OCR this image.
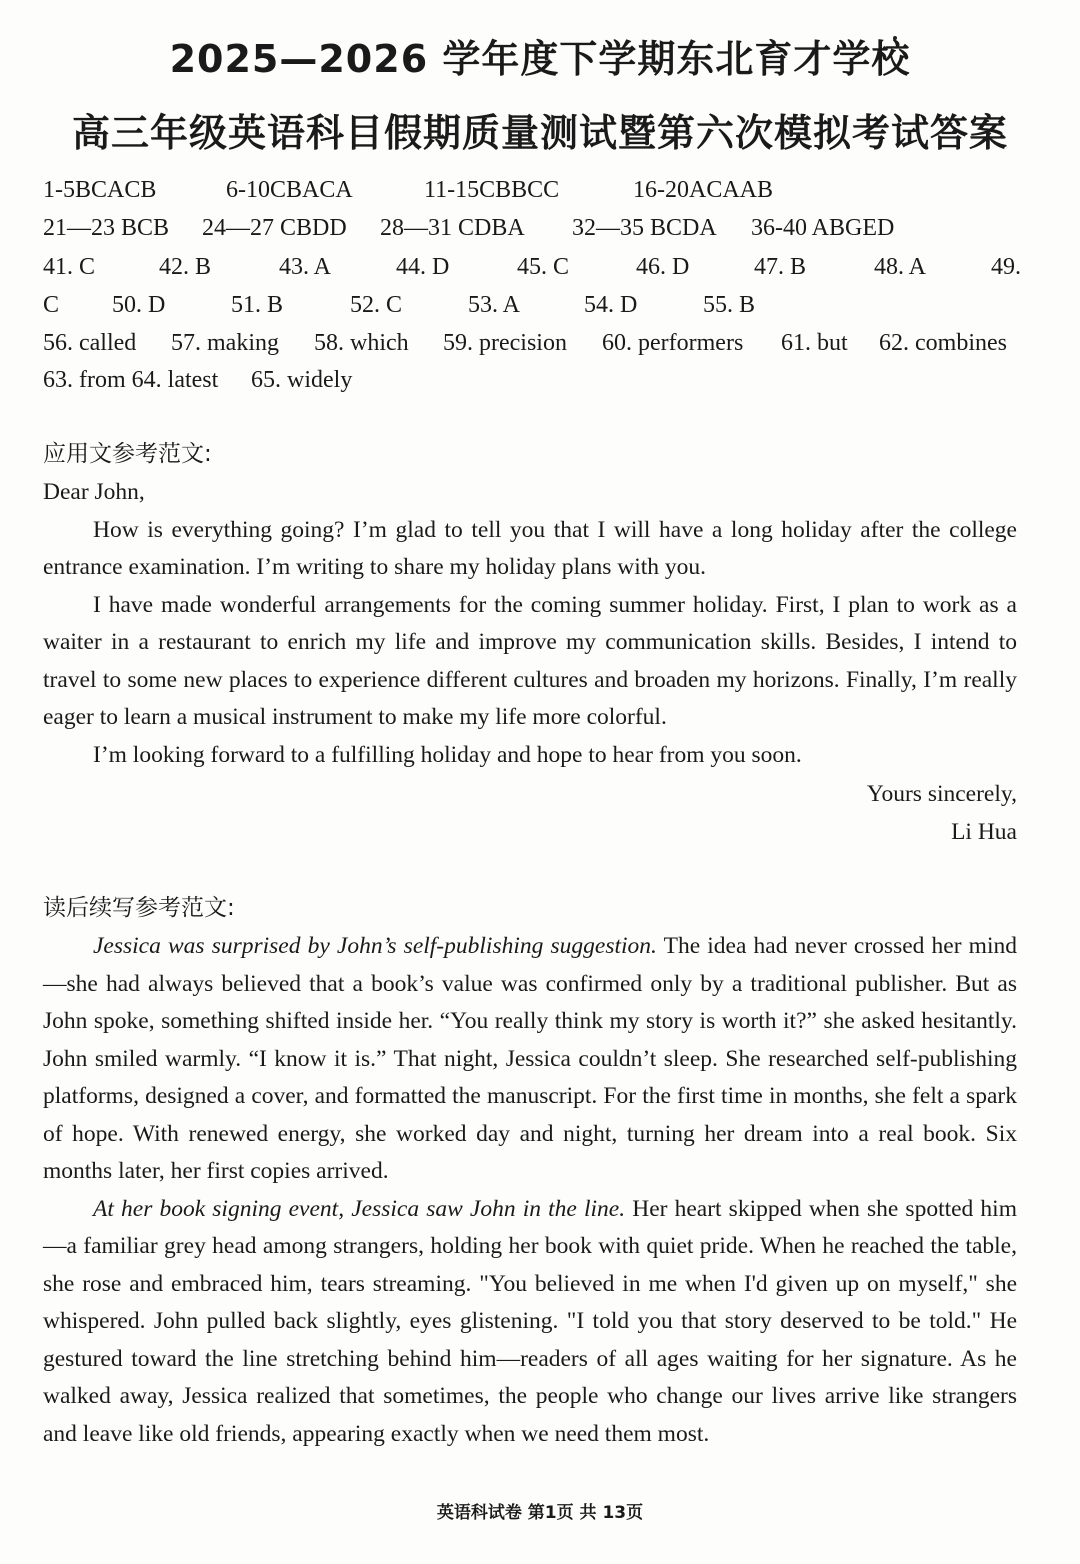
2025—2026 学年度下学期东北育才学校
高三年级英语科目假期质量测试暨第六次模拟考试答案
1-5BCACB	6-10CBACA	11-15CBBCC	16-20ACAAB
21—23 BCB 24—27 CBDD 28—31 CDBA 32—35 BCDA 36-40 ABGED
41. C	42. B	43. A	44. D	45. C	46. D	47. B	48. A	49.
C 50. D	51. B	52. C	53. A	54. D	55. B
56. called 57. making 58. which 59. precision 60. performers 61. but 62. combines
63. from 64. latest 65. widely
应用文参考范文:

Dear John,

How is everything going? I’m glad to tell you that I will have a long holiday after the college entrance examination. I’m writing to share my holiday plans with you.

I have made wonderful arrangements for the coming summer holiday. First, I plan to work as a waiter in a restaurant to enrich my life and improve my communication skills. Besides, I intend to travel to some new places to experience different cultures and broaden my horizons. Finally, I’m really eager to learn a musical instrument to make my life more colorful.

I’m looking forward to a fulfilling holiday and hope to hear from you soon.

Yours sincerely,
Li Hua
读后续写参考范文:

Jessica was surprised by John’s self-publishing suggestion. The idea had never crossed her mind —she had always believed that a book’s value was confirmed only by a traditional publisher. But as John spoke, something shifted inside her. “You really think my story is worth it?” she asked hesitantly. John smiled warmly. “I know it is.” That night, Jessica couldn’t sleep. She researched self-publishing platforms, designed a cover, and formatted the manuscript. For the first time in months, she felt a spark of hope. With renewed energy, she worked day and night, turning her dream into a real book. Six months later, her first copies arrived.

At her book signing event, Jessica saw John in the line. Her heart skipped when she spotted him —a familiar grey head among strangers, holding her book with quiet pride. When he reached the table, she rose and embraced him, tears streaming. "You believed in me when I'd given up on myself," she whispered. John pulled back slightly, eyes glistening. "I told you that story deserved to be told." He gestured toward the line stretching behind him—readers of all ages waiting for her signature. As he walked away, Jessica realized that sometimes, the people who change our lives arrive like strangers and leave like old friends, appearing exactly when we need them most.

英语科试卷 第1页 共 13页
